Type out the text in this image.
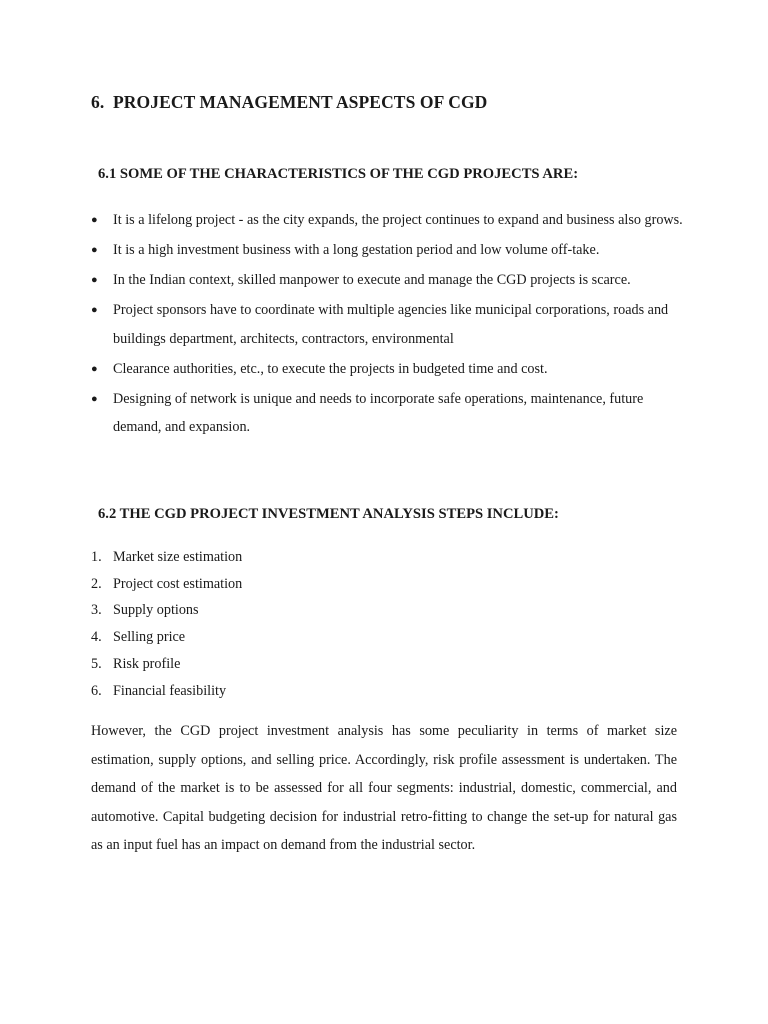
6. PROJECT MANAGEMENT ASPECTS OF CGD
6.1 SOME OF THE CHARACTERISTICS OF THE CGD PROJECTS ARE:
● It is a lifelong project - as the city expands, the project continues to expand and business also grows.
● It is a high investment business with a long gestation period and low volume off-take.
● In the Indian context, skilled manpower to execute and manage the CGD projects is scarce.
● Project sponsors have to coordinate with multiple agencies like municipal corporations, roads and buildings department, architects, contractors, environmental
● Clearance authorities, etc., to execute the projects in budgeted time and cost.
● Designing of network is unique and needs to incorporate safe operations, maintenance, future demand, and expansion.
6.2 THE CGD PROJECT INVESTMENT ANALYSIS STEPS INCLUDE:
1. Market size estimation
2. Project cost estimation
3. Supply options
4. Selling price
5. Risk profile
6. Financial feasibility

However, the CGD project investment analysis has some peculiarity in terms of market size estimation, supply options, and selling price. Accordingly, risk profile assessment is undertaken. The demand of the market is to be assessed for all four segments: industrial, domestic, commercial, and automotive. Capital budgeting decision for industrial retro-fitting to change the set-up for natural gas as an input fuel has an impact on demand from the industrial sector.
